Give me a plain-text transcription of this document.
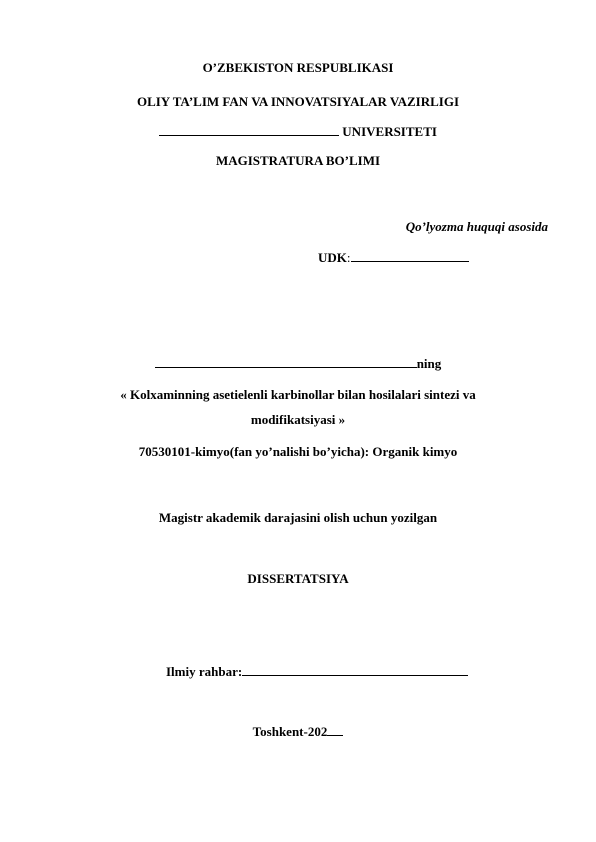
O’ZBEKISTON RESPUBLIKASI
OLIY TA’LIM FAN VA INNOVATSIYALAR VAZIRLIGI
UNIVERSITETI
MAGISTRATURA BO’LIMI
Qo’lyozma huquqi asosida
UDK:
ning
« Kolxaminning asetielenli karbinollar bilan hosilalari sintezi va
modifikatsiyasi »
70530101-kimyo(fan yo’nalishi bo’yicha): Organik kimyo
Magistr akademik darajasini olish uchun yozilgan
DISSERTATSIYA
Ilmiy rahbar:
Toshkent-202
